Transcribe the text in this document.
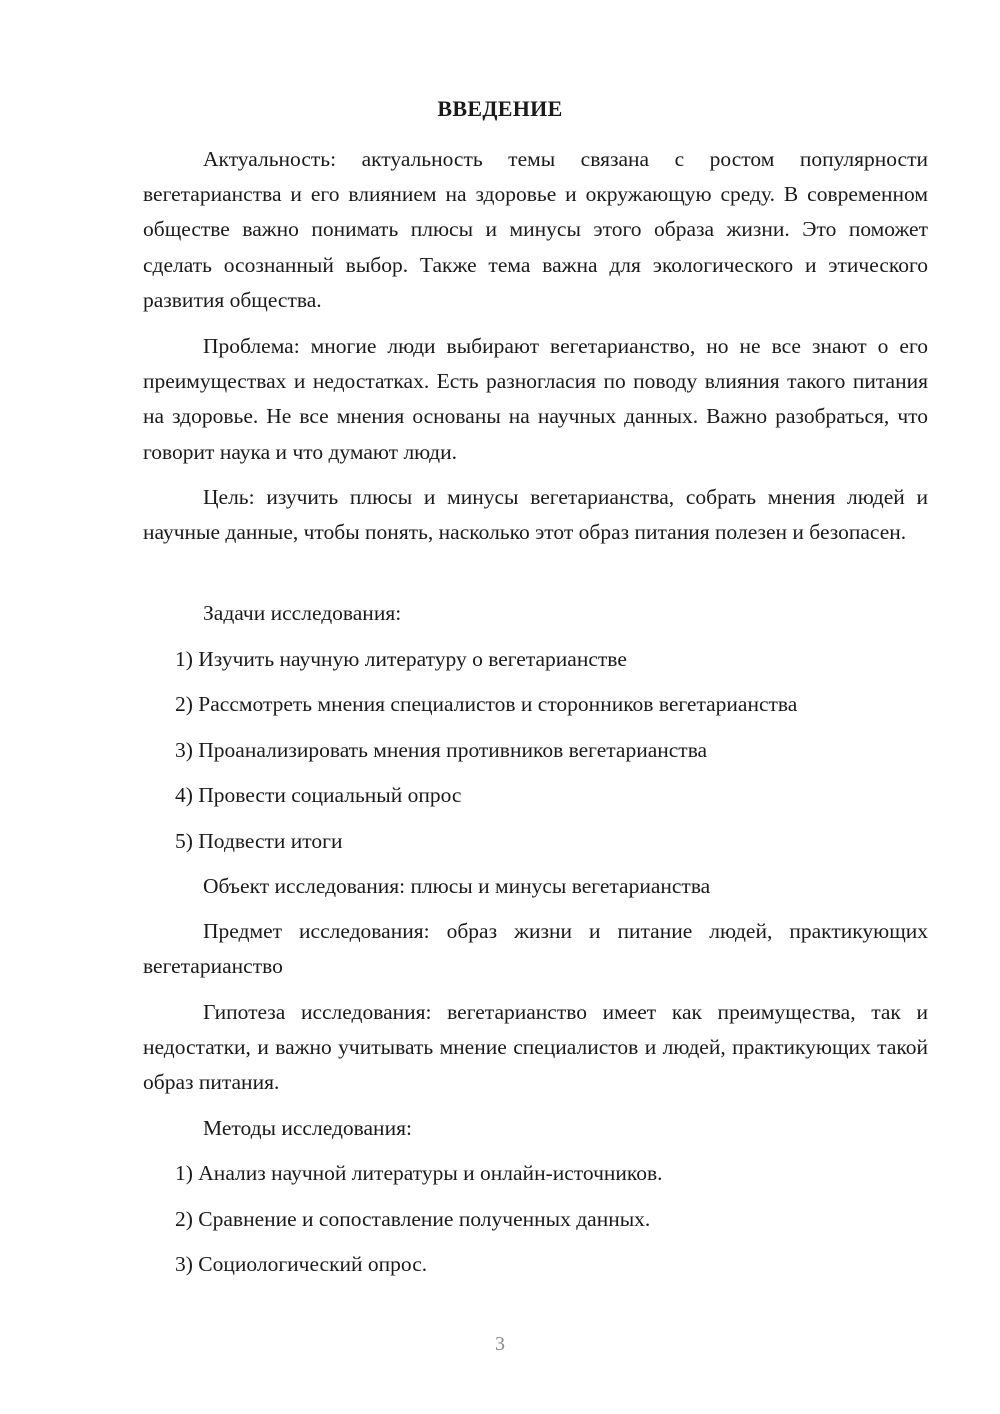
ВВЕДЕНИЕ
Актуальность: актуальность темы связана с ростом популярности вегетарианства и его влиянием на здоровье и окружающую среду. В современном обществе важно понимать плюсы и минусы этого образа жизни. Это поможет сделать осознанный выбор. Также тема важна для экологического и этического развития общества.
Проблема: многие люди выбирают вегетарианство, но не все знают о его преимуществах и недостатках. Есть разногласия по поводу влияния такого питания на здоровье. Не все мнения основаны на научных данных. Важно разобраться, что говорит наука и что думают люди.
Цель: изучить плюсы и минусы вегетарианства, собрать мнения людей и научные данные, чтобы понять, насколько этот образ питания полезен и безопасен.
Задачи исследования:
1) Изучить научную литературу о вегетарианстве
2) Рассмотреть мнения специалистов и сторонников вегетарианства
3) Проанализировать мнения противников вегетарианства
4) Провести социальный опрос
5) Подвести итоги
Объект исследования: плюсы и минусы вегетарианства
Предмет исследования: образ жизни и питание людей, практикующих вегетарианство
Гипотеза исследования: вегетарианство имеет как преимущества, так и недостатки, и важно учитывать мнение специалистов и людей, практикующих такой образ питания.
Методы исследования:
1) Анализ научной литературы и онлайн-источников.
2) Сравнение и сопоставление полученных данных.
3) Социологический опрос.
3
